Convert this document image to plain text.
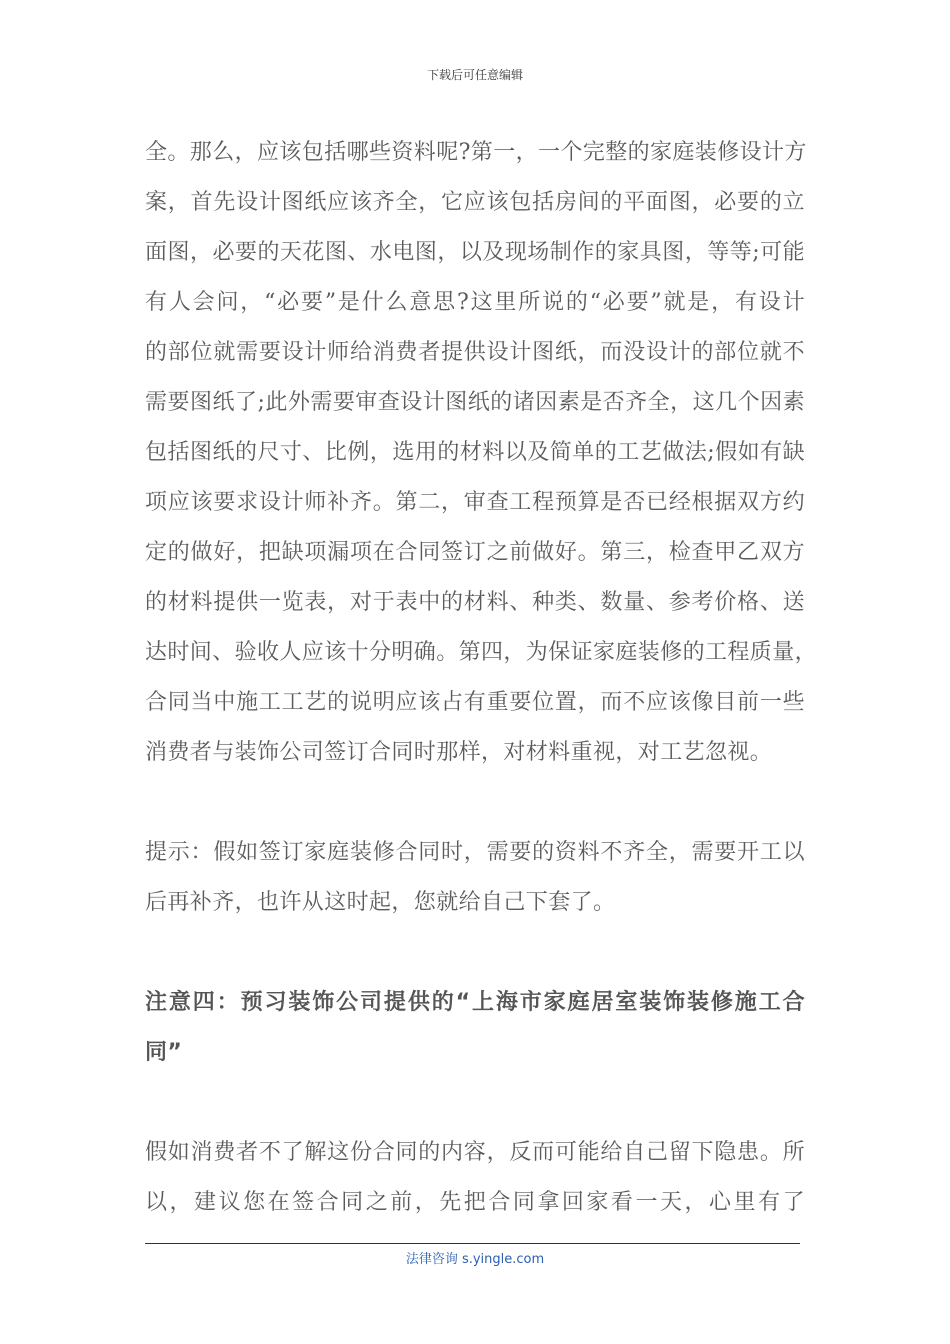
下载后可任意编辑
全。那么，应该包括哪些资料呢?第一，一个完整的家庭装修设计方
案，首先设计图纸应该齐全，它应该包括房间的平面图，必要的立
面图，必要的天花图、水电图，以及现场制作的家具图，等等;可能
有人会问，“必要”是什么意思?这里所说的“必要”就是，有设计
的部位就需要设计师给消费者提供设计图纸，而没设计的部位就不
需要图纸了;此外需要审查设计图纸的诸因素是否齐全，这几个因素
包括图纸的尺寸、比例，选用的材料以及简单的工艺做法;假如有缺
项应该要求设计师补齐。第二，审查工程预算是否已经根据双方约
定的做好，把缺项漏项在合同签订之前做好。第三，检查甲乙双方
的材料提供一览表，对于表中的材料、种类、数量、参考价格、送
达时间、验收人应该十分明确。第四，为保证家庭装修的工程质量，
合同当中施工工艺的说明应该占有重要位置，而不应该像目前一些
消费者与装饰公司签订合同时那样，对材料重视，对工艺忽视。
提示：假如签订家庭装修合同时，需要的资料不齐全，需要开工以
后再补齐，也许从这时起，您就给自己下套了。
注意四：预习装饰公司提供的“上海市家庭居室装饰装修施工合
同”
假如消费者不了解这份合同的内容，反而可能给自己留下隐患。所
以，建议您在签合同之前，先把合同拿回家看一天，心里有了
法律咨询 s.yingle.com
